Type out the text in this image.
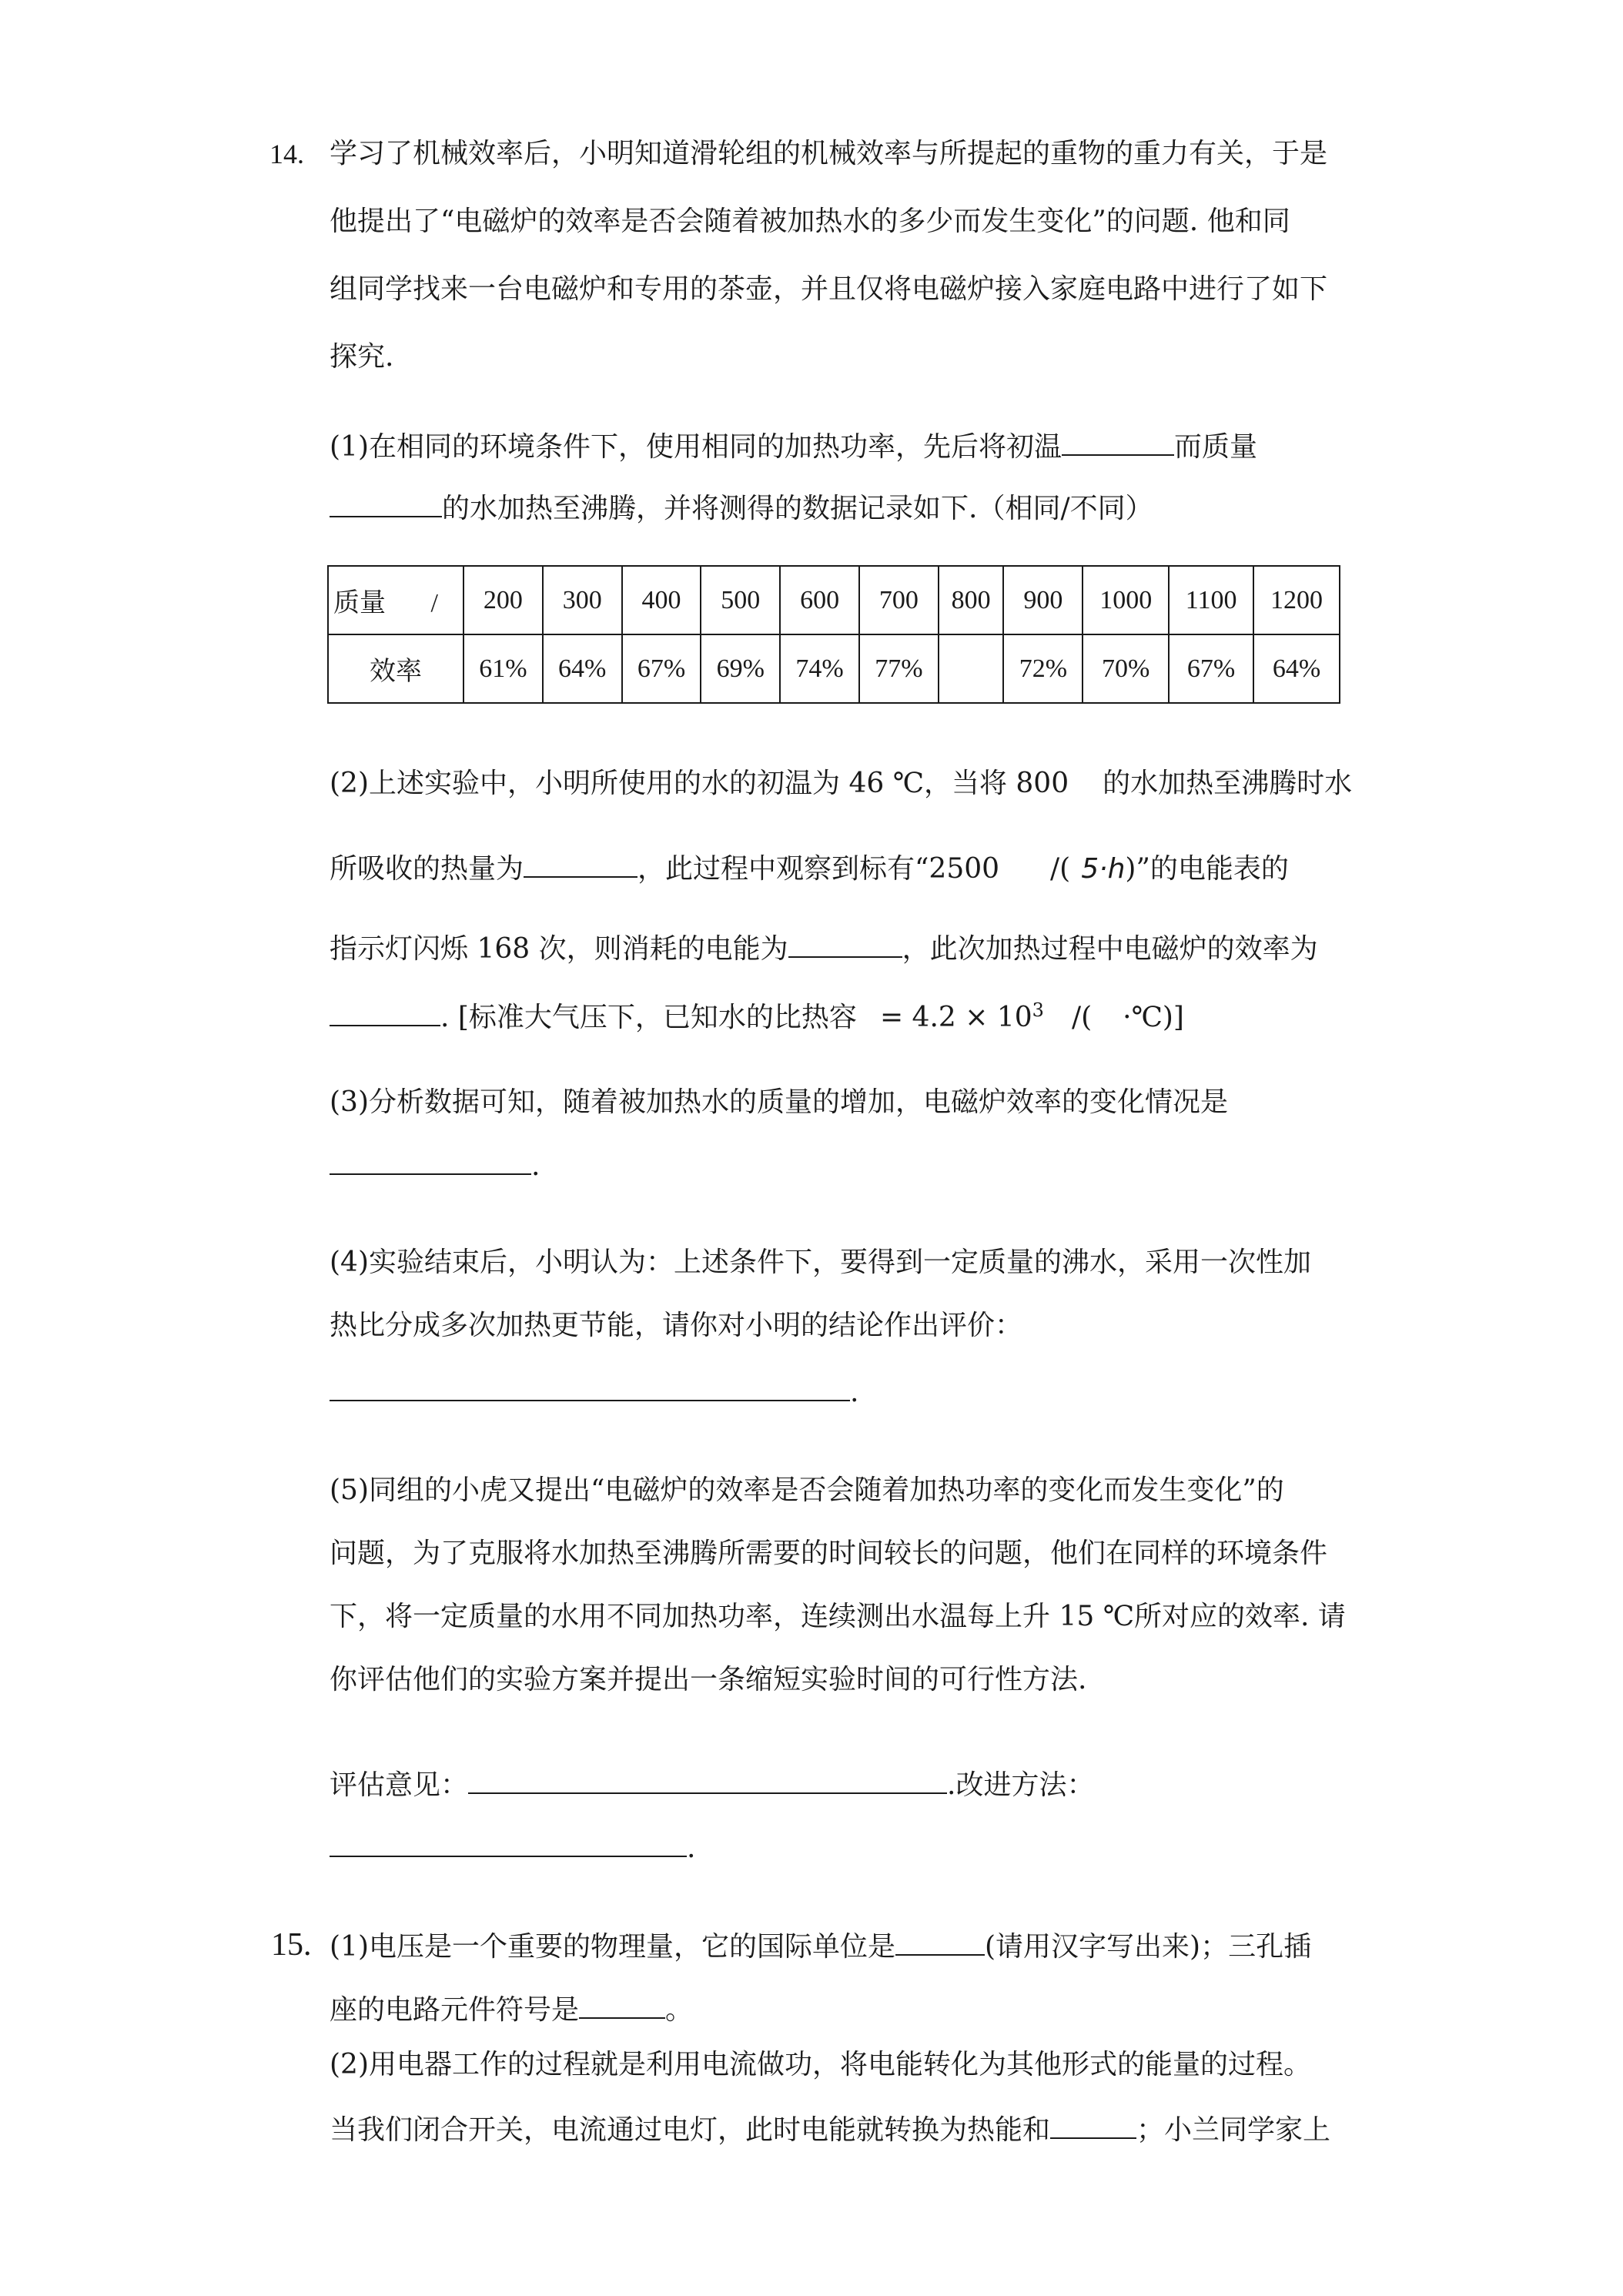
14. 学习了机械效率后，小明知道滑轮组的机械效率与所提起的重物的重力有关，于是
他提出了“电磁炉的效率是否会随着被加热水的多少而发生变化”的问题. 他和同
组同学找来一台电磁炉和专用的茶壶，并且仅将电磁炉接入家庭电路中进行了如下
探究.
(1)在相同的环境条件下，使用相同的加热功率，先后将初温	而质量
的水加热至沸腾，并将测得的数据记录如下.（相同/不同）
质量 /	200	300	400	500	600	700	800	900	1000	1100	1200
效率	61%	64%	67%	69%	74%	77%		72%	70%	67%	64%
(2)上述实验中，小明所使用的水的初温为 46 ℃，当将 800 的水加热至沸腾时水
所吸收的热量为	，此过程中观察到标有“2500 /( 5·h)”的电能表的
指示灯闪烁 168 次，则消耗的电能为	，此次加热过程中电磁炉的效率为
. [标准大气压下，已知水的比热容 = $4.2 \times 10^3$ /( ·℃)]
(3)分析数据可知，随着被加热水的质量的增加，电磁炉效率的变化情况是
.
(4)实验结束后，小明认为：上述条件下，要得到一定质量的沸水，采用一次性加
热比分成多次加热更节能，请你对小明的结论作出评价：
.
(5)同组的小虎又提出“电磁炉的效率是否会随着加热功率的变化而发生变化”的
问题，为了克服将水加热至沸腾所需要的时间较长的问题，他们在同样的环境条件
下，将一定质量的水用不同加热功率，连续测出水温每上升 15 ℃所对应的效率. 请
你评估他们的实验方案并提出一条缩短实验时间的可行性方法.
评估意见：	.改进方法：
.
15. (1)电压是一个重要的物理量，它的国际单位是	(请用汉字写出来)；三孔插
座的电路元件符号是	。
(2)用电器工作的过程就是利用电流做功，将电能转化为其他形式的能量的过程。
当我们闭合开关，电流通过电灯，此时电能就转换为热能和	；小兰同学家上
